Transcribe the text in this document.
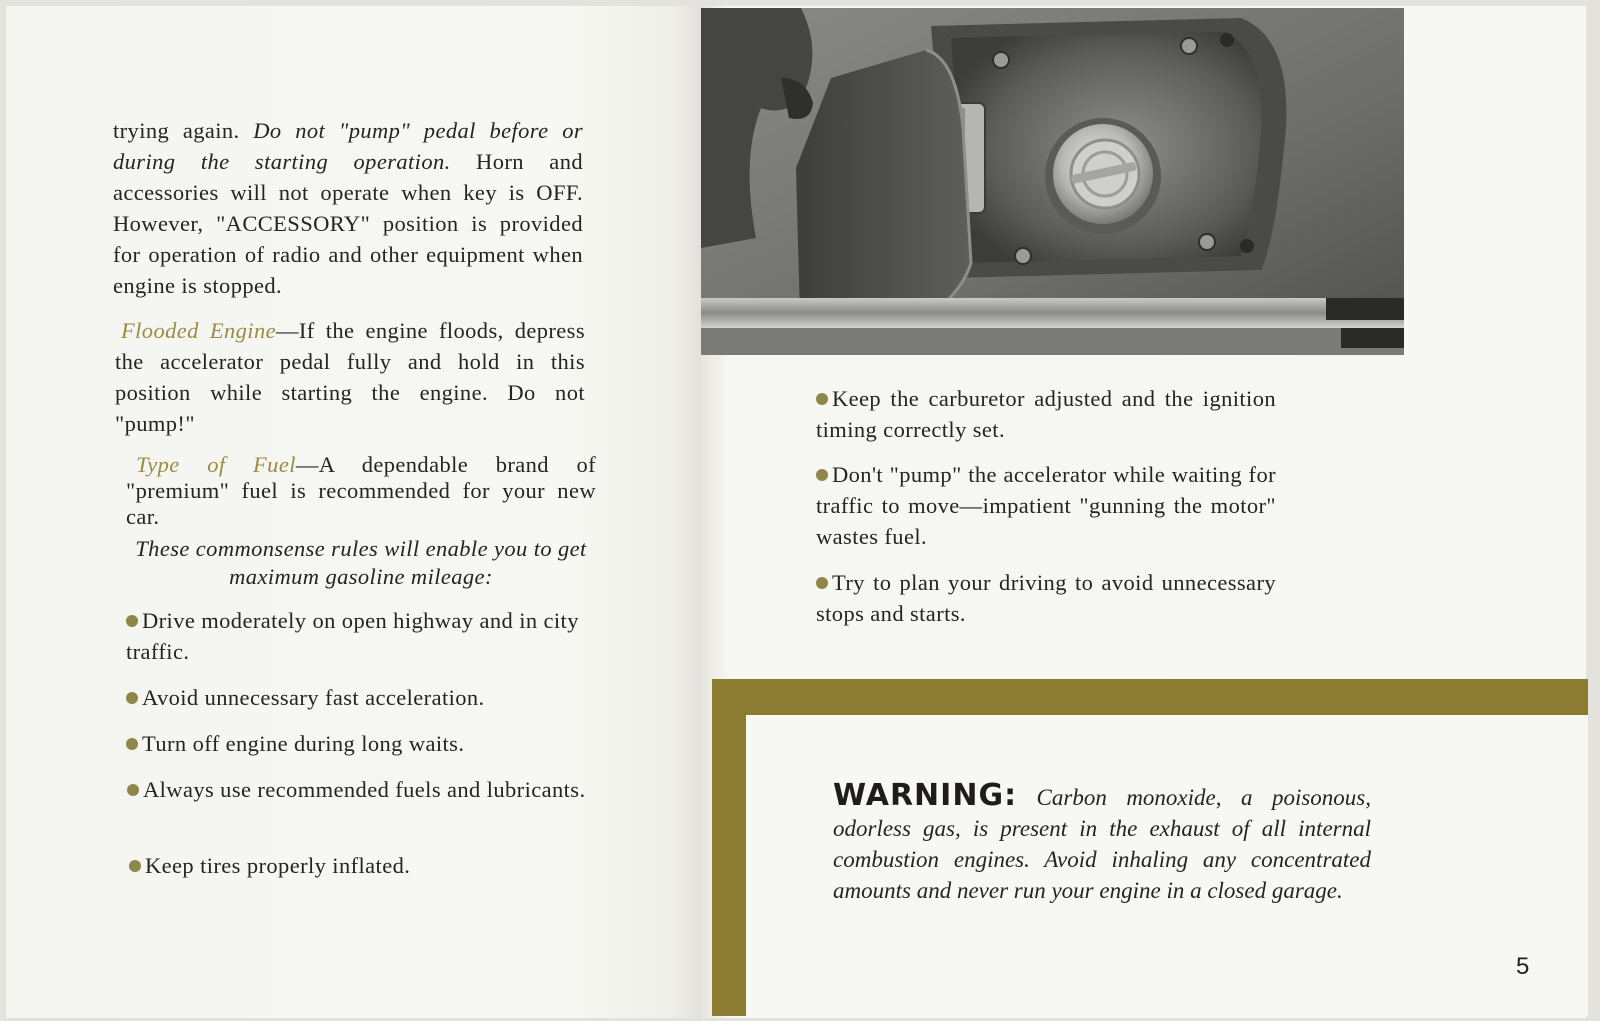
trying again. Do not "pump" pedal before or during the starting operation. Horn and accessories will not operate when key is OFF. However, "ACCESSORY" position is provided for operation of radio and other equipment when engine is stopped.
Flooded Engine—If the engine floods, depress the accelerator pedal fully and hold in this position while starting the engine. Do not "pump!"
Type of Fuel—A dependable brand of "premium" fuel is recommended for your new car.
These commonsense rules will enable you to get maximum gasoline mileage:
Drive moderately on open highway and in city traffic.
Avoid unnecessary fast acceleration.
Turn off engine during long waits.
Always use recommended fuels and lubricants.
Keep tires properly inflated.
Keep the carburetor adjusted and the ignition timing correctly set.
Don't "pump" the accelerator while waiting for traffic to move—impatient "gunning the motor" wastes fuel.
Try to plan your driving to avoid unnecessary stops and starts.
WARNING: Carbon monoxide, a poisonous, odorless gas, is present in the exhaust of all internal combustion engines. Avoid inhaling any concentrated amounts and never run your engine in a closed garage.
5
